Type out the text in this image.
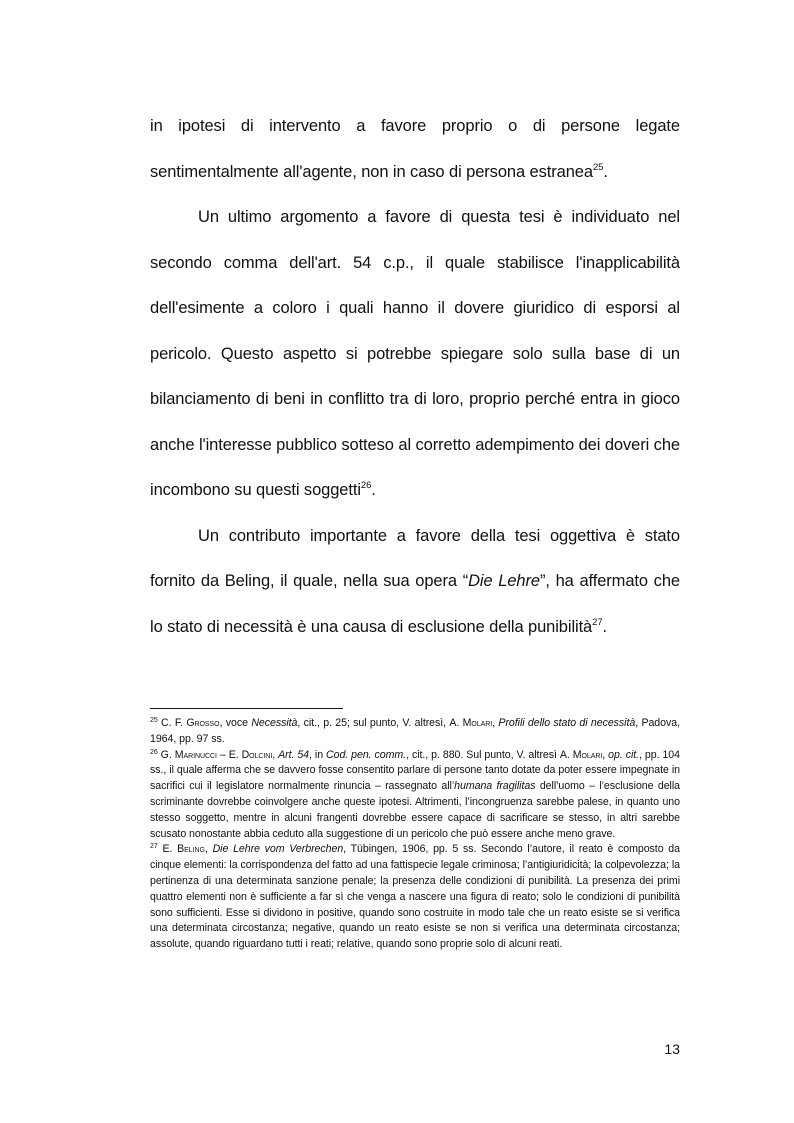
in ipotesi di intervento a favore proprio o di persone legate sentimentalmente all'agente, non in caso di persona estranea$^{25}$.

Un ultimo argomento a favore di questa tesi è individuato nel secondo comma dell'art. 54 c.p., il quale stabilisce l'inapplicabilità dell'esimente a coloro i quali hanno il dovere giuridico di esporsi al pericolo. Questo aspetto si potrebbe spiegare solo sulla base di un bilanciamento di beni in conflitto tra di loro, proprio perché entra in gioco anche l'interesse pubblico sotteso al corretto adempimento dei doveri che incombono su questi soggetti$^{26}$.

Un contributo importante a favore della tesi oggettiva è stato fornito da Beling, il quale, nella sua opera “Die Lehre”, ha affermato che lo stato di necessità è una causa di esclusione della punibilità$^{27}$.

$^{25}$ C. F. Grosso, voce Necessità, cit., p. 25; sul punto, V. altresì, A. Molari, Profili dello stato di necessità, Padova, 1964, pp. 97 ss.

$^{26}$ G. Marinucci – E. Dolcini, Art. 54, in Cod. pen. comm., cit., p. 880. Sul punto, V. altresì A. Molari, op. cit., pp. 104 ss., il quale afferma che se davvero fosse consentito parlare di persone tanto dotate da poter essere impegnate in sacrifici cui il legislatore normalmente rinuncia – rassegnato all’humana fragilitas dell’uomo – l’esclusione della scriminante dovrebbe coinvolgere anche queste ipotesi. Altrimenti, l’incongruenza sarebbe palese, in quanto uno stesso soggetto, mentre in alcuni frangenti dovrebbe essere capace di sacrificare se stesso, in altri sarebbe scusato nonostante abbia ceduto alla suggestione di un pericolo che può essere anche meno grave.

$^{27}$ E. Beling, Die Lehre vom Verbrechen, Tübingen, 1906, pp. 5 ss. Secondo l’autore, il reato è composto da cinque elementi: la corrispondenza del fatto ad una fattispecie legale criminosa; l’antigiuridicità; la colpevolezza; la pertinenza di una determinata sanzione penale; la presenza delle condizioni di punibilità. La presenza dei primi quattro elementi non è sufficiente a far sì che venga a nascere una figura di reato; solo le condizioni di punibilità sono sufficienti. Esse si dividono in positive, quando sono costruite in modo tale che un reato esiste se si verifica una determinata circostanza; negative, quando un reato esiste se non si verifica una determinata circostanza; assolute, quando riguardano tutti i reati; relative, quando sono proprie solo di alcuni reati.

13
